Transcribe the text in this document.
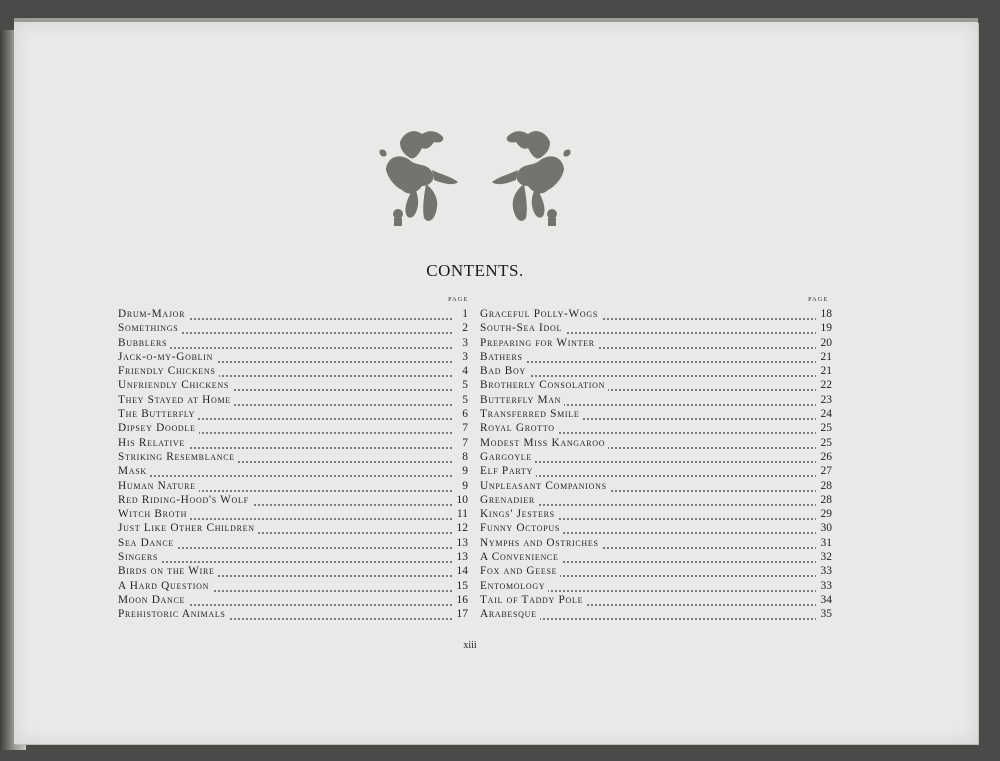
CONTENTS.
PAGE	PAGE
Drum-Major	1
Somethings	2
Bubblers	3
Jack-o-my-Goblin	3
Friendly Chickens	4
Unfriendly Chickens	5
They Stayed at Home	5
The Butterfly	6
Dipsey Doodle	7
His Relative	7
Striking Resemblance	8
Mask	9
Human Nature	9
Red Riding-Hood's Wolf	10
Witch Broth	11
Just Like Other Children	12
Sea Dance	13
Singers	13
Birds on the Wire	14
A Hard Question	15
Moon Dance	16
Prehistoric Animals	17
Graceful Polly-Wogs	18
South-Sea Idol	19
Preparing for Winter	20
Bathers	21
Bad Boy	21
Brotherly Consolation	22
Butterfly Man	23
Transferred Smile	24
Royal Grotto	25
Modest Miss Kangaroo	25
Gargoyle	26
Elf Party	27
Unpleasant Companions	28
Grenadier	28
Kings' Jesters	29
Funny Octopus	30
Nymphs and Ostriches	31
A Convenience	32
Fox and Geese	33
Entomology	33
Tail of Taddy Pole	34
Arabesque	35
xiii
